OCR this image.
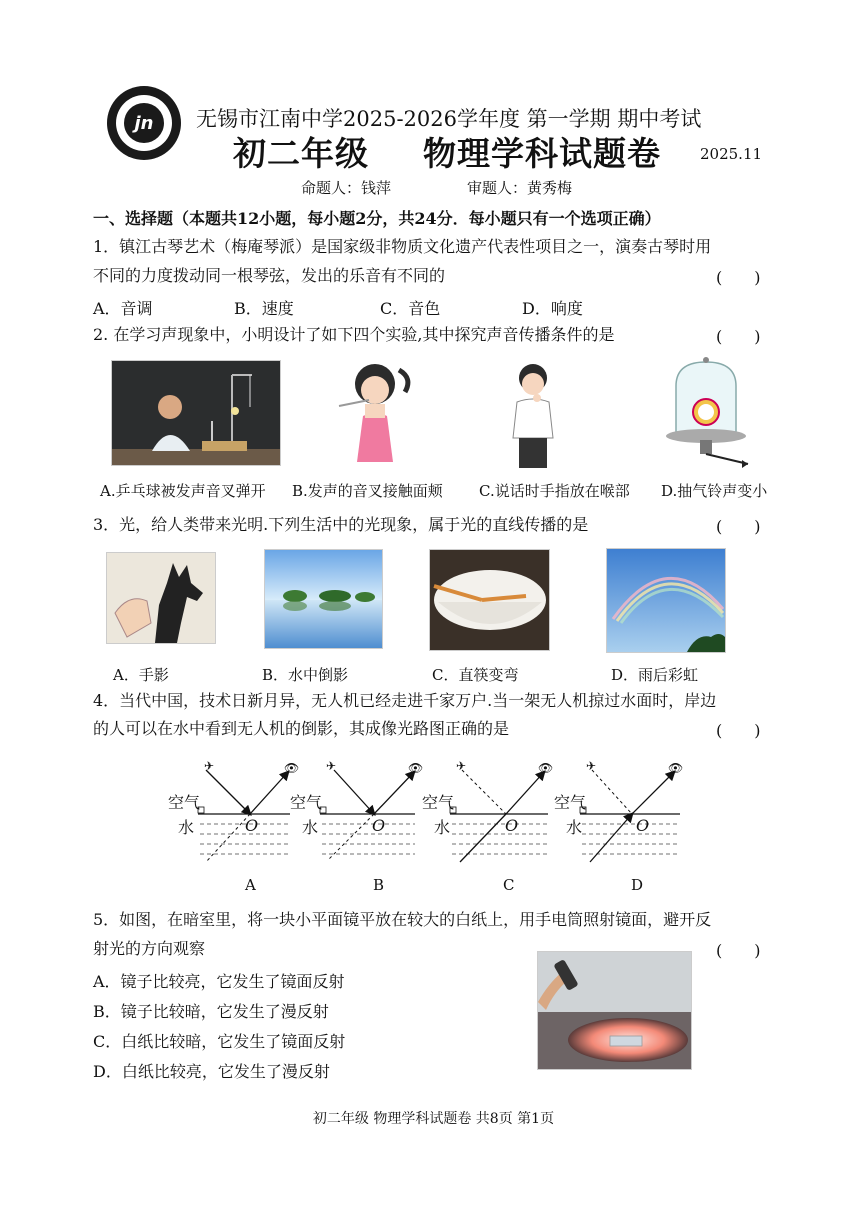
jn	无锡市江南中学2025-2026学年度 第一学期 期中考试
初二年级 物理学科试题卷	2025.11
命题人：钱萍	审题人：黄秀梅
一、选择题（本题共12小题，每小题2分，共24分．每小题只有一个选项正确）
1．镇江古琴艺术（梅庵琴派）是国家级非物质文化遗产代表性项目之一，演奏古琴时用
不同的力度拨动同一根琴弦，发出的乐音有不同的	(　　)
A．音调	B．速度	C．音色	D．响度
2. 在学习声现象中，小明设计了如下四个实验,其中探究声音传播条件的是	(　　)
A.乒乓球被发声音叉弹开 B.发声的音叉接触面颊 C.说话时手指放在喉部 D.抽气铃声变小
3．光，给人类带来光明.下列生活中的光现象，属于光的直线传播的是	(　　)
A．手影	B．水中倒影	C．直筷变弯	D．雨后彩虹
4．当代中国，技术日新月异，无人机已经走进千家万户.当一架无人机掠过水面时，岸边
的人可以在水中看到无人机的倒影，其成像光路图正确的是	(　　)
✈	👁 ✈	👁	✈	👁	✈	👁
空气
水	O
空气
水	O
空气
水	O
空气
水	O
A	B	C	D
5．如图，在暗室里，将一块小平面镜平放在较大的白纸上，用手电筒照射镜面，避开反
射光的方向观察	(　　)
A．镜子比较亮，它发生了镜面反射
B．镜子比较暗，它发生了漫反射
C．白纸比较暗，它发生了镜面反射
D．白纸比较亮，它发生了漫反射
初二年级 物理学科试题卷 共8页 第1页
